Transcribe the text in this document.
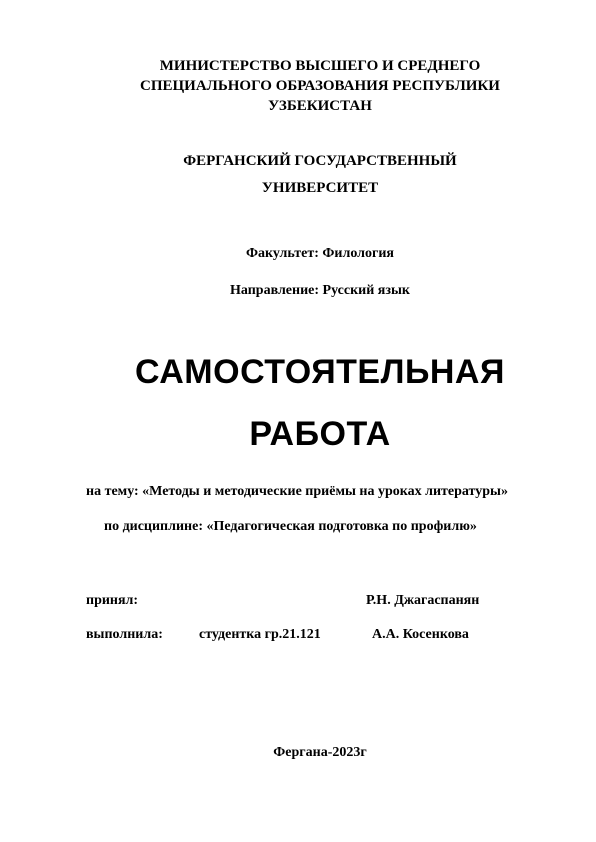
МИНИСТЕРСТВО ВЫСШЕГО И СРЕДНЕГО
СПЕЦИАЛЬНОГО ОБРАЗОВАНИЯ РЕСПУБЛИКИ
УЗБЕКИСТАН
ФЕРГАНСКИЙ ГОСУДАРСТВЕННЫЙ
УНИВЕРСИТЕТ
Факультет: Филология
Направление: Русский язык
САМОСТОЯТЕЛЬНАЯ
РАБОТА
на тему: «Методы и методические приёмы на уроках литературы»
по дисциплине: «Педагогическая подготовка по профилю»
принял:	Р.Н. Джагаспанян
выполнила:	студентка гр.21.121	А.А. Косенкова
Фергана-2023г
